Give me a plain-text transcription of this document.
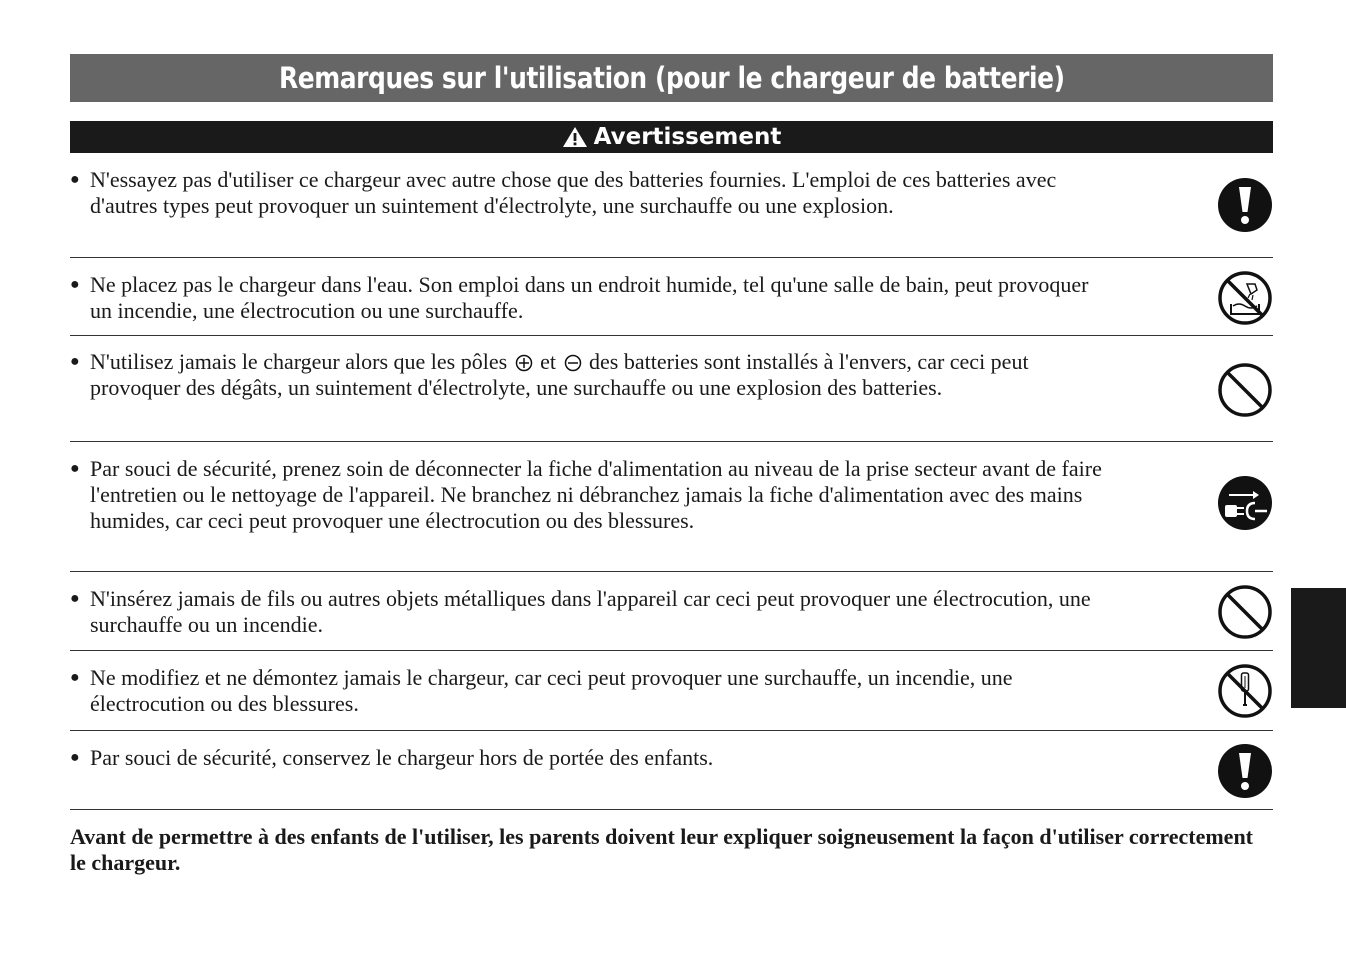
Remarques sur l'utilisation (pour le chargeur de batterie)
Avertissement
● N'essayez pas d'utiliser ce chargeur avec autre chose que des batteries fournies. L'emploi de ces batteries avec d'autres types peut provoquer un suintement d'électrolyte, une surchauffe ou une explosion.
● Ne placez pas le chargeur dans l'eau. Son emploi dans un endroit humide, tel qu'une salle de bain, peut provoquer un incendie, une électrocution ou une surchauffe.
● N'utilisez jamais le chargeur alors que les pôles et des batteries sont installés à l'envers, car ceci peut provoquer des dégâts, un suintement d'électrolyte, une surchauffe ou une explosion des batteries.
● Par souci de sécurité, prenez soin de déconnecter la fiche d'alimentation au niveau de la prise secteur avant de faire l'entretien ou le nettoyage de l'appareil. Ne branchez ni débranchez jamais la fiche d'alimentation avec des mains humides, car ceci peut provoquer une électrocution ou des blessures.
● N'insérez jamais de fils ou autres objets métalliques dans l'appareil car ceci peut provoquer une électrocution, une surchauffe ou un incendie.
● Ne modifiez et ne démontez jamais le chargeur, car ceci peut provoquer une surchauffe, un incendie, une électrocution ou des blessures.
● Par souci de sécurité, conservez le chargeur hors de portée des enfants.
Avant de permettre à des enfants de l'utiliser, les parents doivent leur expliquer soigneusement la façon d'utiliser correctement le chargeur.
